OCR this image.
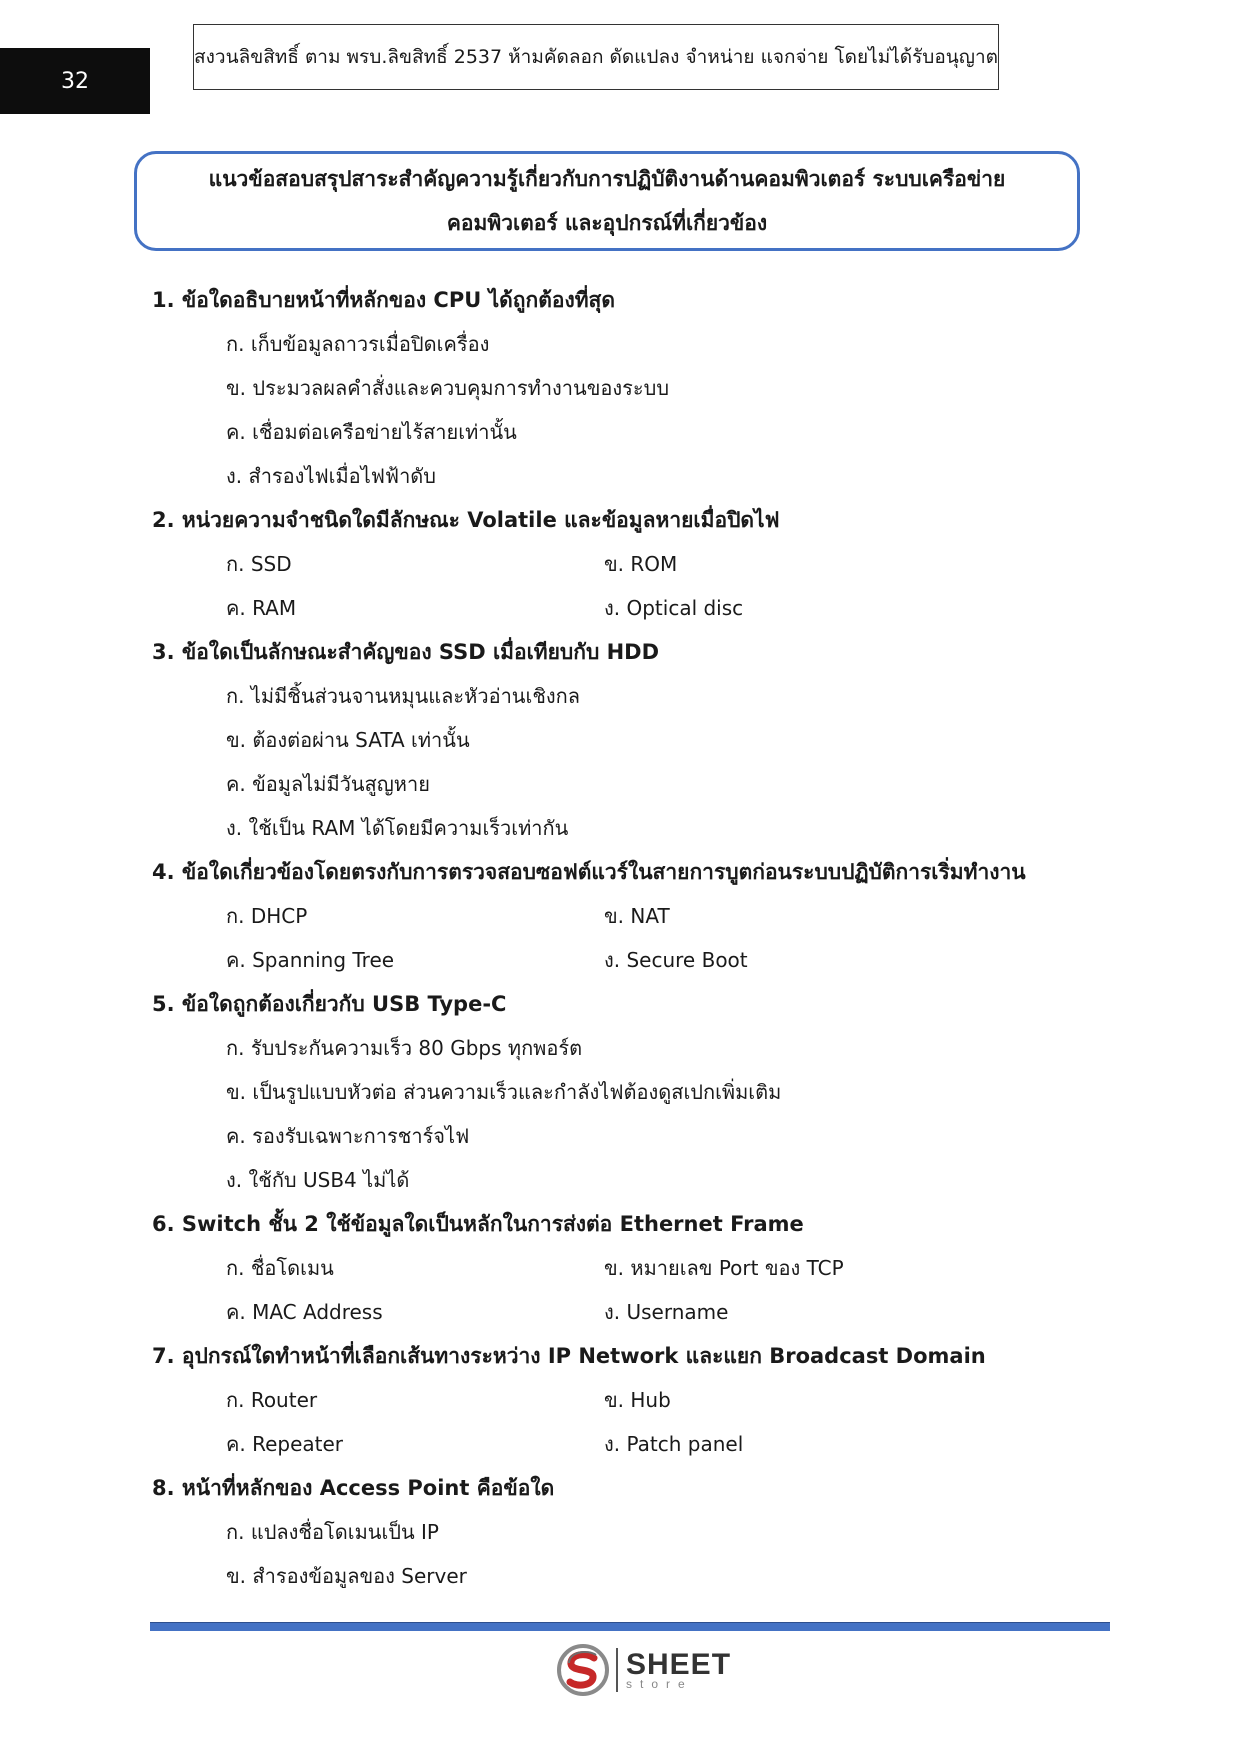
32
สงวนลิขสิทธิ์ ตาม พรบ.ลิขสิทธิ์ 2537 ห้ามคัดลอก ดัดแปลง จำหน่าย แจกจ่าย โดยไม่ได้รับอนุญาต
แนวข้อสอบสรุปสาระสำคัญความรู้เกี่ยวกับการปฏิบัติงานด้านคอมพิวเตอร์ ระบบเครือข่าย
คอมพิวเตอร์ และอุปกรณ์ที่เกี่ยวข้อง
1. ข้อใดอธิบายหน้าที่หลักของ CPU ได้ถูกต้องที่สุด
ก. เก็บข้อมูลถาวรเมื่อปิดเครื่อง
ข. ประมวลผลคำสั่งและควบคุมการทำงานของระบบ
ค. เชื่อมต่อเครือข่ายไร้สายเท่านั้น
ง. สำรองไฟเมื่อไฟฟ้าดับ
2. หน่วยความจำชนิดใดมีลักษณะ Volatile และข้อมูลหายเมื่อปิดไฟ
ก. SSD	ข. ROM
ค. RAM	ง. Optical disc
3. ข้อใดเป็นลักษณะสำคัญของ SSD เมื่อเทียบกับ HDD
ก. ไม่มีชิ้นส่วนจานหมุนและหัวอ่านเชิงกล
ข. ต้องต่อผ่าน SATA เท่านั้น
ค. ข้อมูลไม่มีวันสูญหาย
ง. ใช้เป็น RAM ได้โดยมีความเร็วเท่ากัน
4. ข้อใดเกี่ยวข้องโดยตรงกับการตรวจสอบซอฟต์แวร์ในสายการบูตก่อนระบบปฏิบัติการเริ่มทำงาน
ก. DHCP	ข. NAT
ค. Spanning Tree	ง. Secure Boot
5. ข้อใดถูกต้องเกี่ยวกับ USB Type-C
ก. รับประกันความเร็ว 80 Gbps ทุกพอร์ต
ข. เป็นรูปแบบหัวต่อ ส่วนความเร็วและกำลังไฟต้องดูสเปกเพิ่มเติม
ค. รองรับเฉพาะการชาร์จไฟ
ง. ใช้กับ USB4 ไม่ได้
6. Switch ชั้น 2 ใช้ข้อมูลใดเป็นหลักในการส่งต่อ Ethernet Frame
ก. ชื่อโดเมน	ข. หมายเลข Port ของ TCP
ค. MAC Address	ง. Username
7. อุปกรณ์ใดทำหน้าที่เลือกเส้นทางระหว่าง IP Network และแยก Broadcast Domain
ก. Router	ข. Hub
ค. Repeater	ง. Patch panel
8. หน้าที่หลักของ Access Point คือข้อใด
ก. แปลงชื่อโดเมนเป็น IP
ข. สำรองข้อมูลของ Server
SHEET
store
